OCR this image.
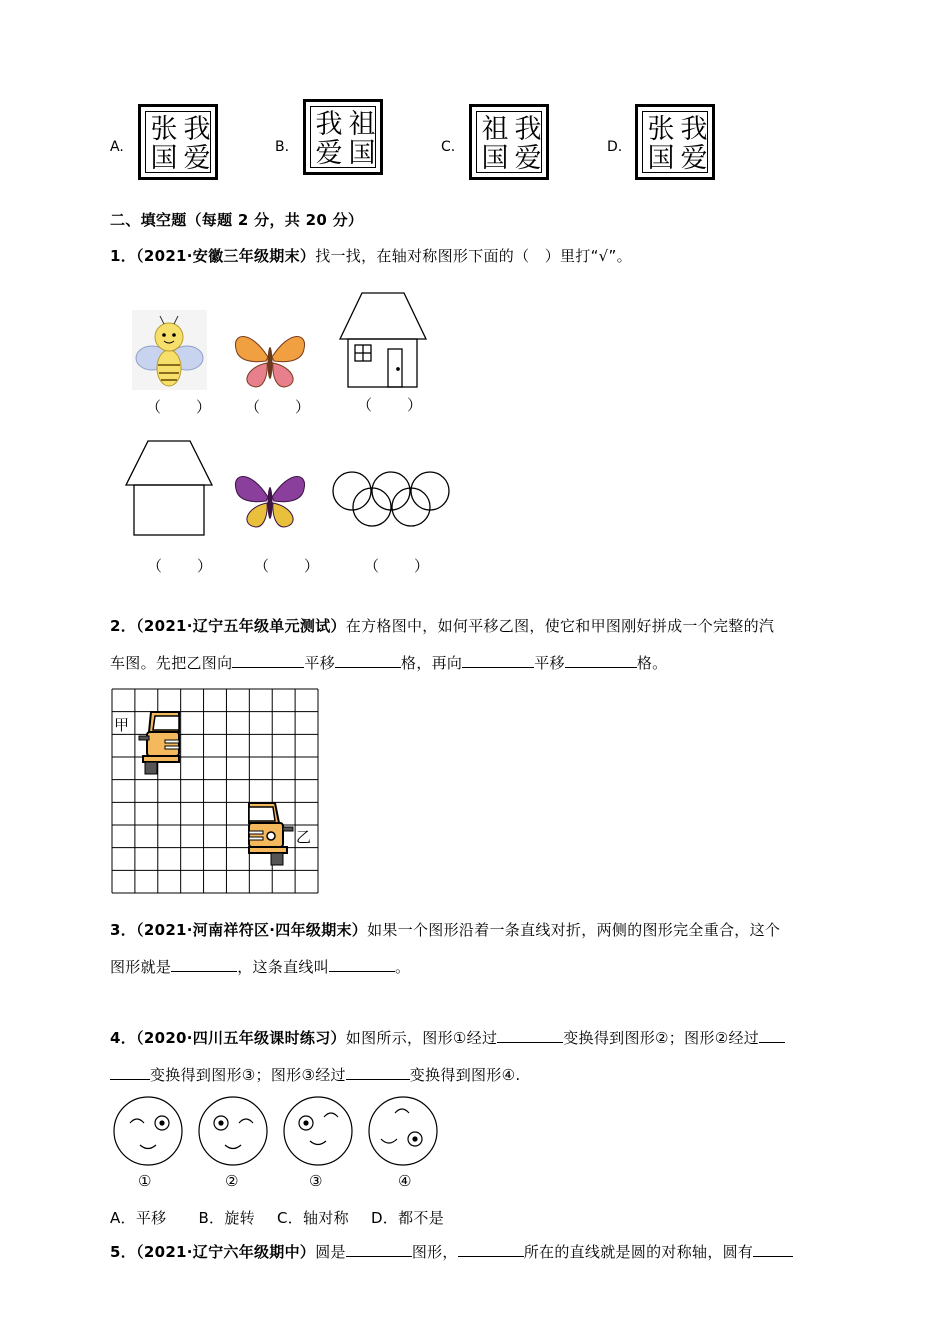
A.
我
张
国 爱	B.
我 祖
爱 国	C.
祖 我
国 爱	D.
张 我
国 爱
二、填空题（每题 2 分，共 20 分）
1．（2021·安徽三年级期末）找一找，在轴对称图形下面的（　）里打“√”。
（　） （　） （　）
（　） （　） （　）
2．（2021·辽宁五年级单元测试）在方格图中，如何平移乙图，使它和甲图刚好拼成一个完整的汽
车图。先把乙图向	平移	格，再向	平移	格。
甲
乙
3．（2021·河南祥符区·四年级期末）如果一个图形沿着一条直线对折，两侧的图形完全重合，这个
图形就是	，这条直线叫	。
4．（2020·四川五年级课时练习）如图所示，图形①经过	变换得到图形②；图形②经过
变换得到图形③；图形③经过	变换得到图形④.
①	②	③	④
A．平移 B．旋转 C．轴对称 D．都不是
5．（2021·辽宁六年级期中）圆是	图形，	所在的直线就是圆的对称轴，圆有
